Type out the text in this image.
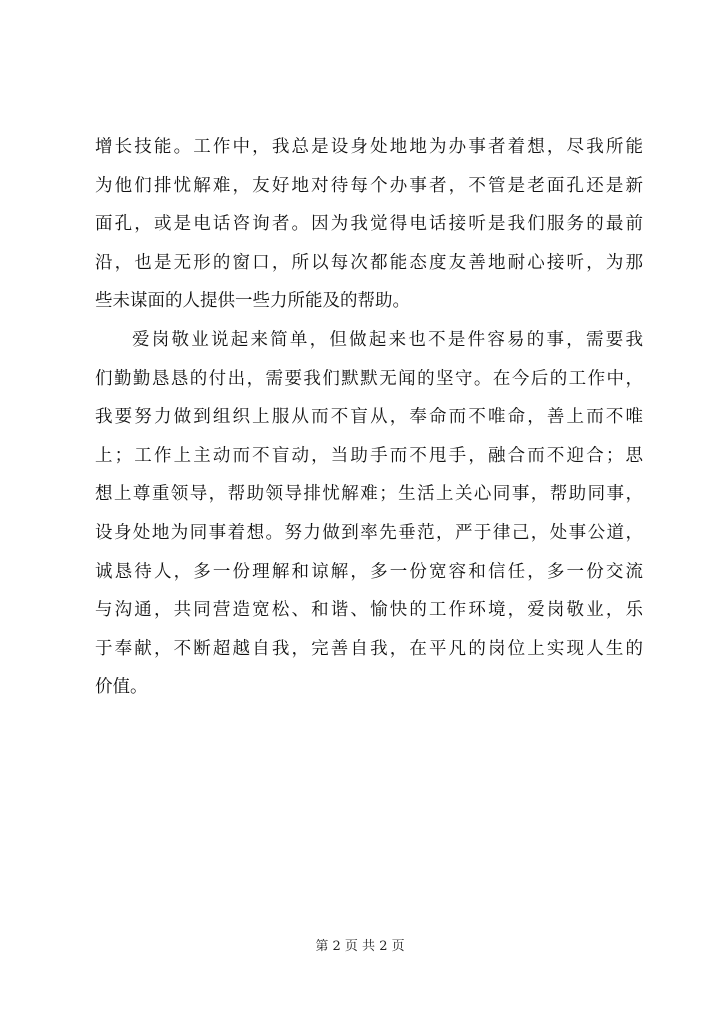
增长技能。工作中，我总是设身处地地为办事者着想，尽我所能
为他们排忧解难，友好地对待每个办事者，不管是老面孔还是新
面孔，或是电话咨询者。因为我觉得电话接听是我们服务的最前
沿，也是无形的窗口，所以每次都能态度友善地耐心接听，为那
些未谋面的人提供一些力所能及的帮助。
爱岗敬业说起来简单，但做起来也不是件容易的事，需要我
们勤勤恳恳的付出，需要我们默默无闻的坚守。在今后的工作中，
我要努力做到组织上服从而不盲从，奉命而不唯命，善上而不唯
上；工作上主动而不盲动，当助手而不甩手，融合而不迎合；思
想上尊重领导，帮助领导排忧解难；生活上关心同事，帮助同事，
设身处地为同事着想。努力做到率先垂范，严于律己，处事公道，
诚恳待人，多一份理解和谅解，多一份宽容和信任，多一份交流
与沟通，共同营造宽松、和谐、愉快的工作环境，爱岗敬业，乐
于奉献，不断超越自我，完善自我，在平凡的岗位上实现人生的
价值。
第 2 页 共 2 页
